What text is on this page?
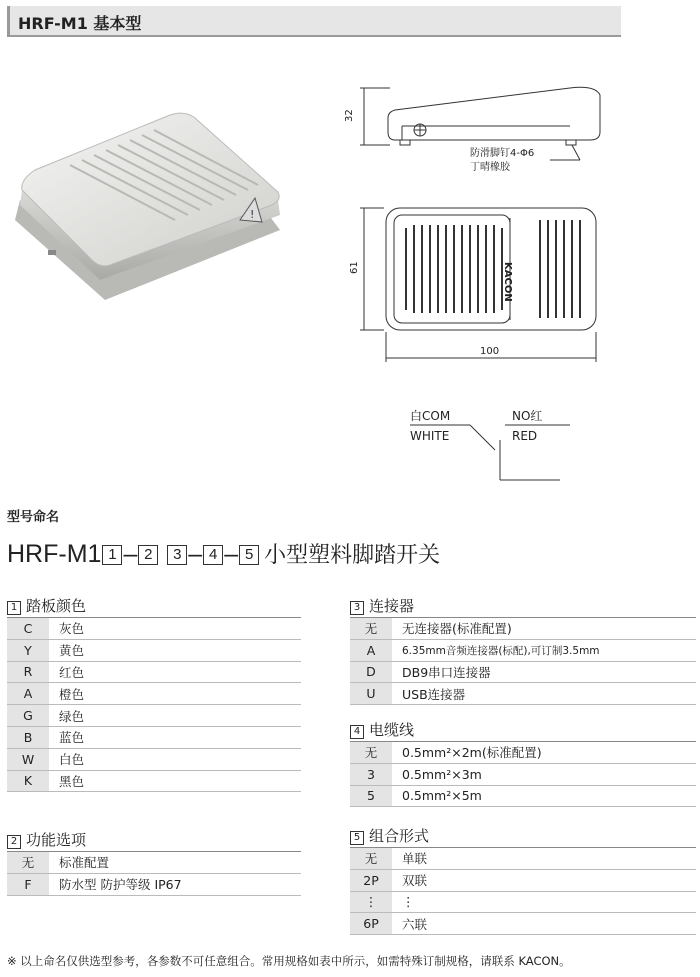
HRF-M1 基本型
!
32
防滑脚钉4-Φ6
丁晴橡胶
KACON
61
100
白COM
WHITE
NO红
RED
型号命名
HRF-M1 1 – 2 3 – 4 – 5 小型塑料脚踏开关
1 踏板颜色
C	灰色
Y	黄色
R	红色
A	橙色
G	绿色
B	蓝色
W	白色
K	黑色
2 功能选项
无	标准配置
F	防水型 防护等级 IP67
3 连接器
无	无连接器(标准配置)
A	6.35mm音频连接器(标配),可订制3.5mm
D	DB9串口连接器
U	USB连接器
4 电缆线
无	0.5mm²×2m(标准配置)
3	0.5mm²×3m
5	0.5mm²×5m
5 组合形式
无	单联
2P	双联
⋮	⋮
6P	六联
※ 以上命名仅供选型参考，各参数不可任意组合。常用规格如表中所示，如需特殊订制规格，请联系 KACON。
